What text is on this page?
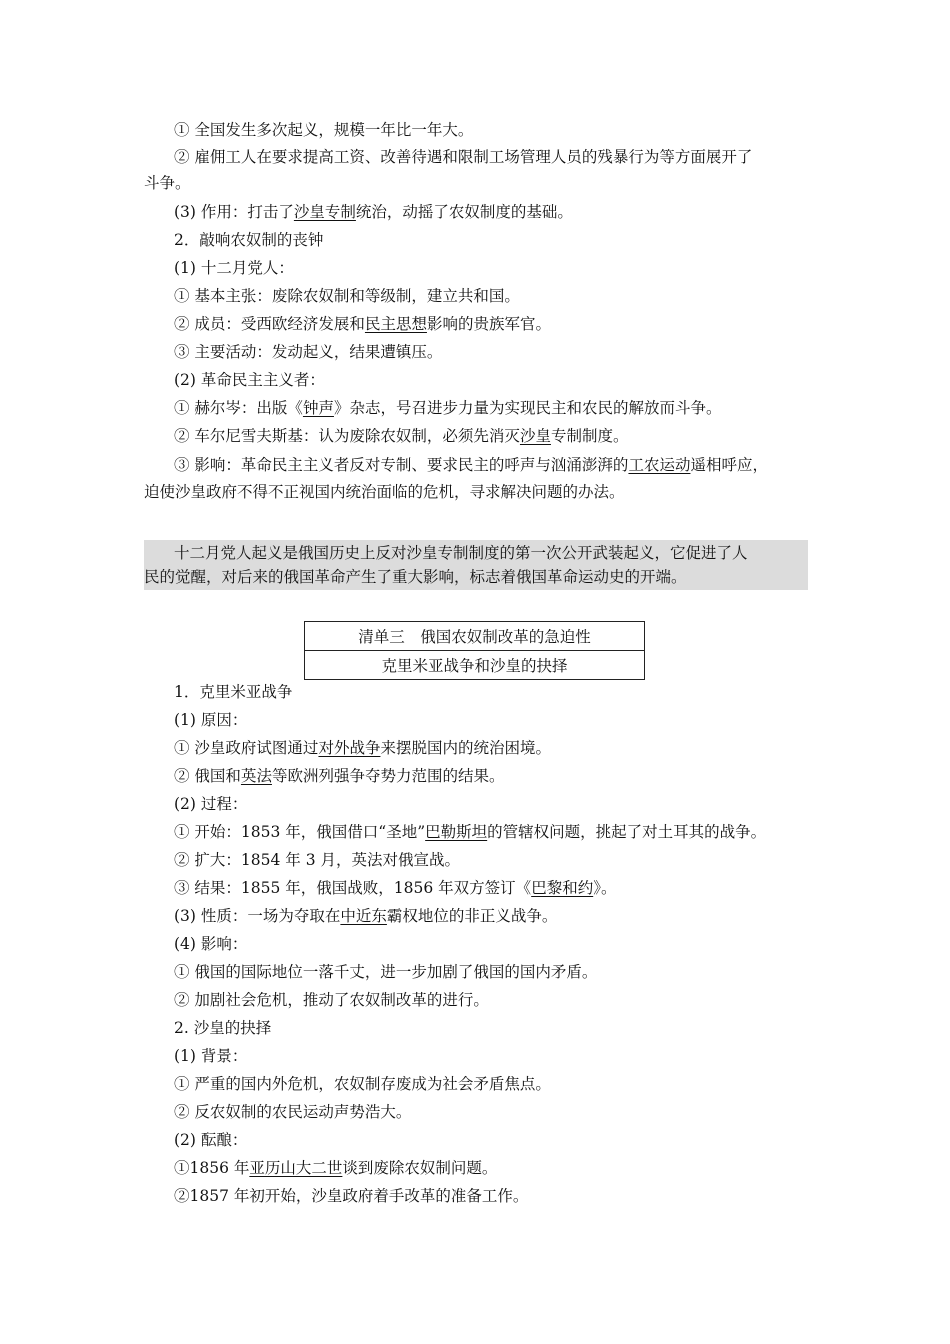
① 全国发生多次起义，规模一年比一年大。
② 雇佣工人在要求提高工资、改善待遇和限制工场管理人员的残暴行为等方面展开了
斗争。
(3) 作用：打击了沙皇专制统治，动摇了农奴制度的基础。
2．敲响农奴制的丧钟
(1) 十二月党人：
① 基本主张：废除农奴制和等级制，建立共和国。
② 成员：受西欧经济发展和民主思想影响的贵族军官。
③ 主要活动：发动起义，结果遭镇压。
(2) 革命民主主义者：
① 赫尔岑：出版《钟声》杂志，号召进步力量为实现民主和农民的解放而斗争。
② 车尔尼雪夫斯基：认为废除农奴制，必须先消灭沙皇专制制度。
③ 影响：革命民主主义者反对专制、要求民主的呼声与汹涌澎湃的工农运动遥相呼应，
迫使沙皇政府不得不正视国内统治面临的危机，寻求解决问题的办法。
十二月党人起义是俄国历史上反对沙皇专制制度的第一次公开武装起义，它促进了人
民的觉醒，对后来的俄国革命产生了重大影响，标志着俄国革命运动史的开端。
清单三　俄国农奴制改革的急迫性
克里米亚战争和沙皇的抉择
1．克里米亚战争
(1) 原因：
① 沙皇政府试图通过对外战争来摆脱国内的统治困境。
② 俄国和英法等欧洲列强争夺势力范围的结果。
(2) 过程：
① 开始：1853 年，俄国借口“圣地”巴勒斯坦的管辖权问题，挑起了对土耳其的战争。
② 扩大：1854 年 3 月，英法对俄宣战。
③ 结果：1855 年，俄国战败，1856 年双方签订《巴黎和约》。
(3) 性质：一场为夺取在中近东霸权地位的非正义战争。
(4) 影响：
① 俄国的国际地位一落千丈，进一步加剧了俄国的国内矛盾。
② 加剧社会危机，推动了农奴制改革的进行。
2. 沙皇的抉择
(1) 背景：
① 严重的国内外危机，农奴制存废成为社会矛盾焦点。
② 反农奴制的农民运动声势浩大。
(2) 酝酿：
①1856 年亚历山大二世谈到废除农奴制问题。
②1857 年初开始，沙皇政府着手改革的准备工作。
